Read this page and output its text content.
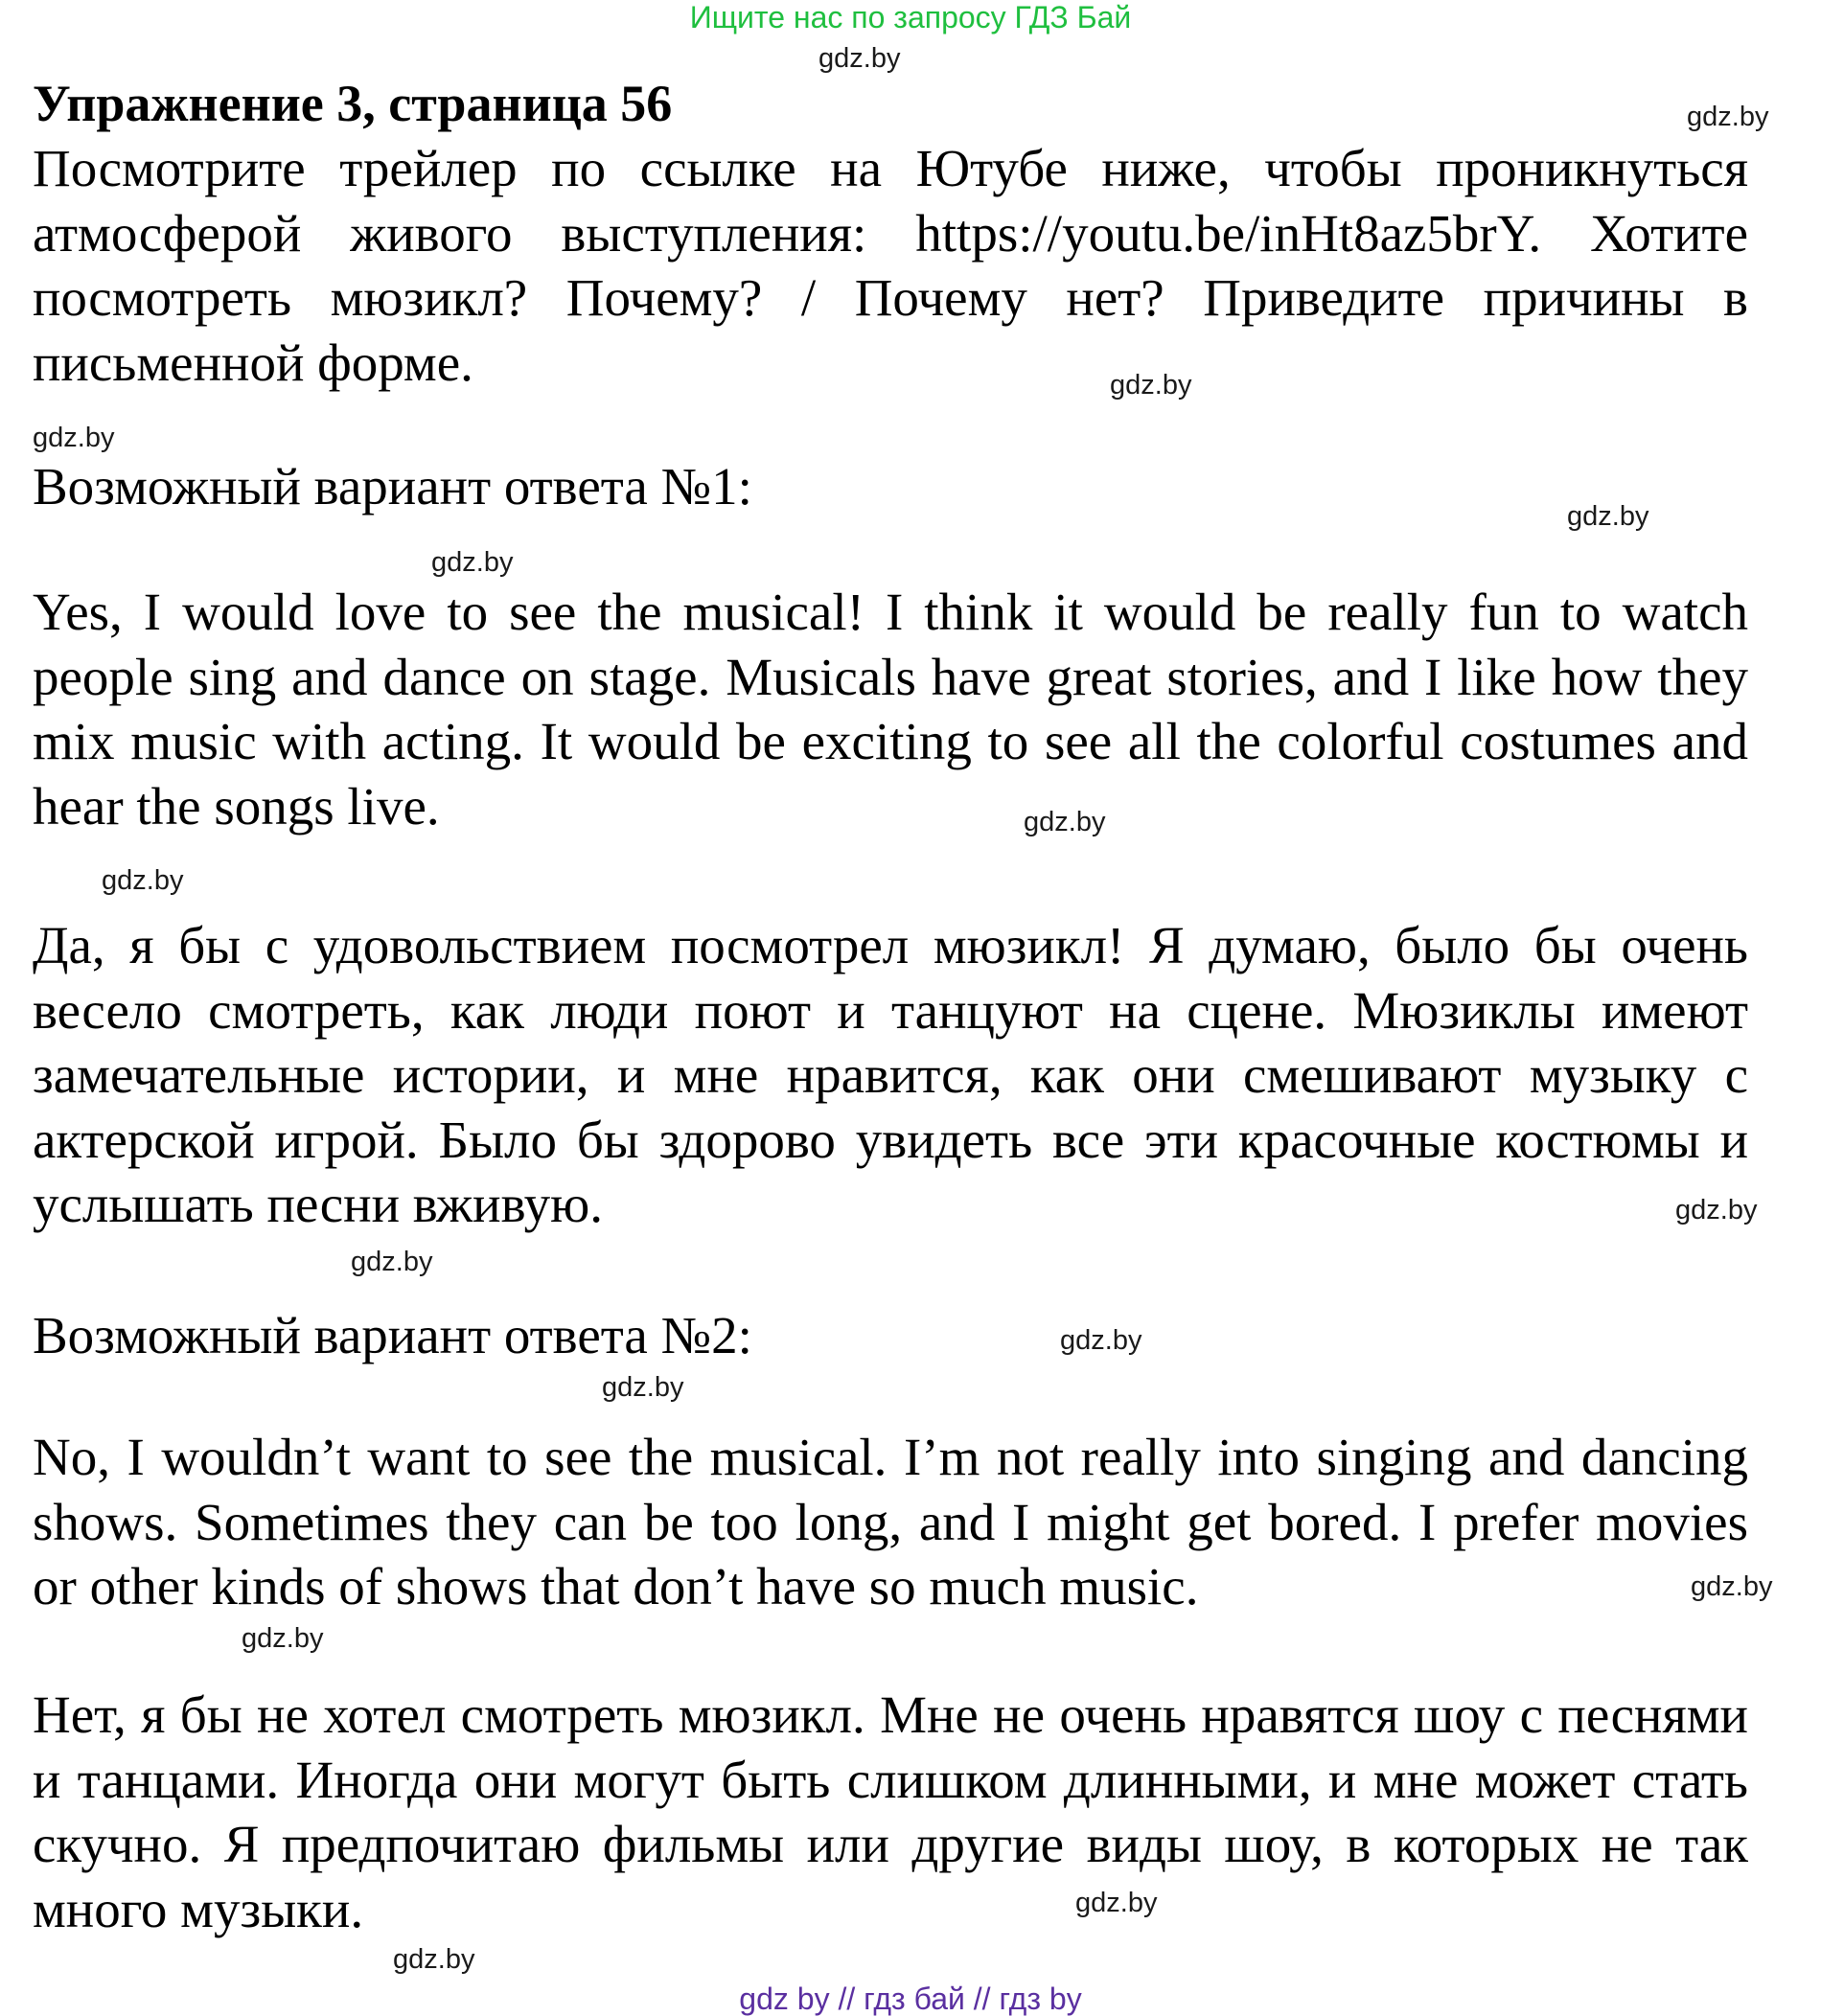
Ищите нас по запросу ГДЗ Бай
Упражнение 3, страница 56

Посмотрите трейлер по ссылке на Ютубе ниже, чтобы проникнуться атмосферой живого выступления: https://youtu.be/inHt8az5brY. Хотите посмотреть мюзикл? Почему? / Почему нет? Приведите причины в письменной форме.

Возможный вариант ответа №1:

Yes, I would love to see the musical! I think it would be really fun to watch people sing and dance on stage. Musicals have great stories, and I like how they mix music with acting. It would be exciting to see all the colorful costumes and hear the songs live.

Да, я бы с удовольствием посмотрел мюзикл! Я думаю, было бы очень весело смотреть, как люди поют и танцуют на сцене. Мюзиклы имеют замечательные истории, и мне нравится, как они смешивают музыку с актерской игрой. Было бы здорово увидеть все эти красочные костюмы и услышать песни вживую.

Возможный вариант ответа №2:

No, I wouldn’t want to see the musical. I’m not really into singing and dancing shows. Sometimes they can be too long, and I might get bored. I prefer movies or other kinds of shows that don’t have so much music.

Нет, я бы не хотел смотреть мюзикл. Мне не очень нравятся шоу с песнями и танцами. Иногда они могут быть слишком длинными, и мне может стать скучно. Я предпочитаю фильмы или другие виды шоу, в которых не так много музыки.

gdz.by
gdz.by
gdz.by
gdz.by
gdz.by
gdz.by
gdz.by
gdz.by
gdz.by
gdz.by
gdz.by
gdz.by
gdz.by
gdz.by
gdz.by
gdz.by
gdz by // гдз бай // гдз by
